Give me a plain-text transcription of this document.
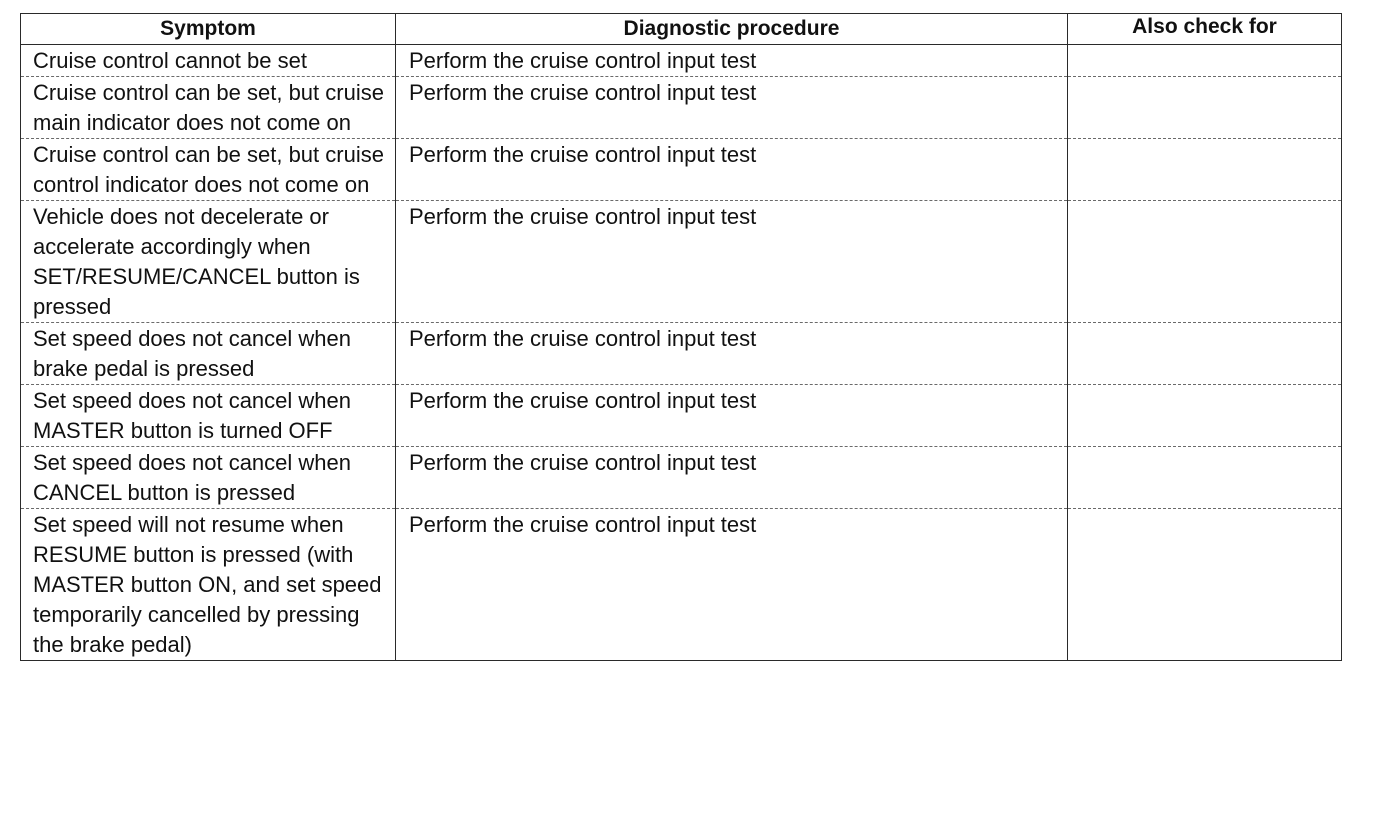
Symptom	Diagnostic procedure	Also check for
Cruise control cannot be set	Perform the cruise control input test	
Cruise control can be set, but cruise main indicator does not come on	Perform the cruise control input test	
Cruise control can be set, but cruise control indicator does not come on	Perform the cruise control input test	
Vehicle does not decelerate or accelerate accordingly when SET/RESUME/CANCEL button is pressed	Perform the cruise control input test	
Set speed does not cancel when brake pedal is pressed	Perform the cruise control input test	
Set speed does not cancel when MASTER button is turned OFF	Perform the cruise control input test	
Set speed does not cancel when CANCEL button is pressed	Perform the cruise control input test	
Set speed will not resume when RESUME button is pressed (with MASTER button ON, and set speed temporarily cancelled by pressing the brake pedal)	Perform the cruise control input test	
